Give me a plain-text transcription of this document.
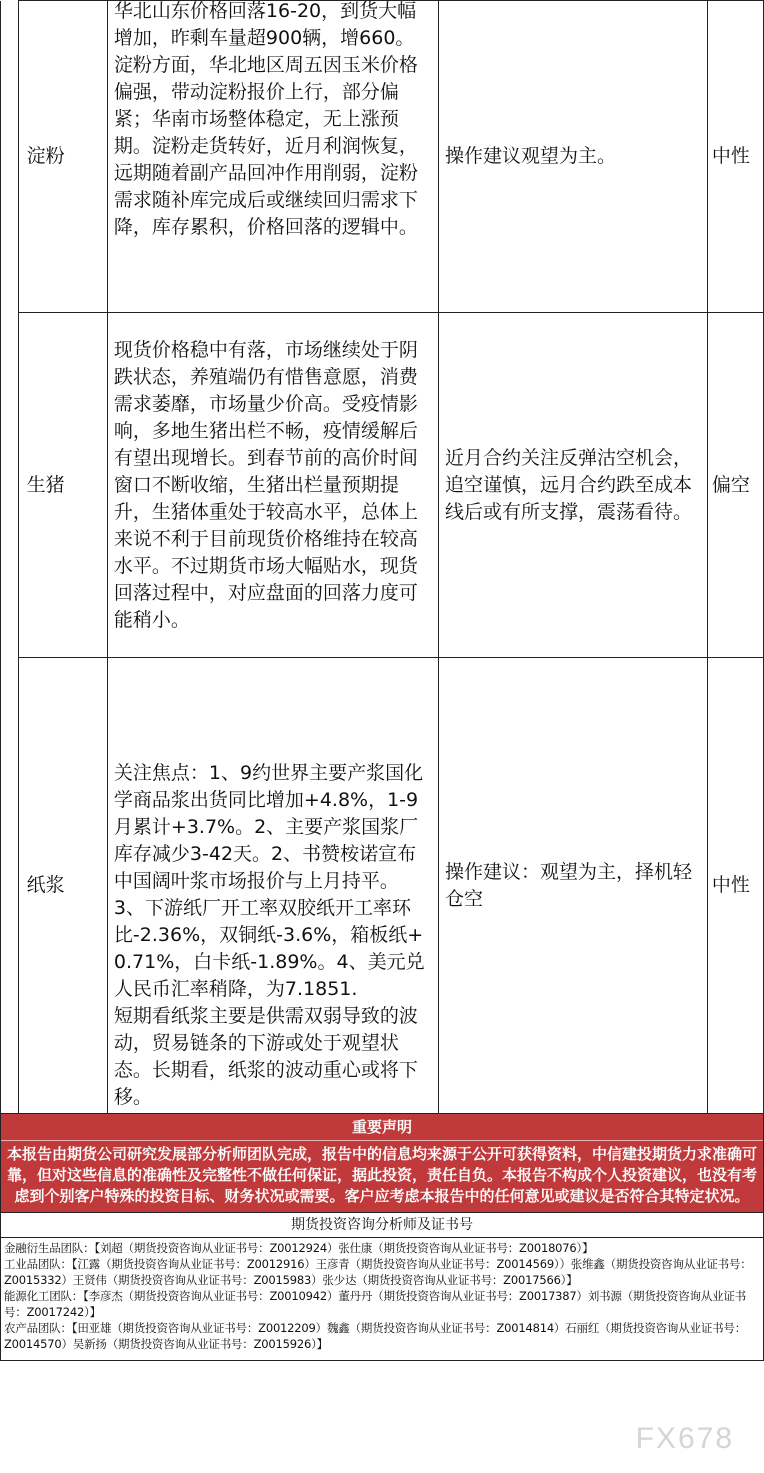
	淀粉	华北山东价格回落16-20，到货大幅增加，昨剩车量超900辆，增660。淀粉方面，华北地区周五因玉米价格偏强，带动淀粉报价上行，部分偏紧；华南市场整体稳定，无上涨预期。淀粉走货转好，近月利润恢复，远期随着副产品回冲作用削弱，淀粉需求随补库完成后或继续回归需求下降，库存累积，价格回落的逻辑中。	操作建议观望为主。	中性
	生猪	现货价格稳中有落，市场继续处于阴跌状态，养殖端仍有惜售意愿，消费需求萎靡，市场量少价高。受疫情影响，多地生猪出栏不畅，疫情缓解后有望出现增长。到春节前的高价时间窗口不断收缩，生猪出栏量预期提升，生猪体重处于较高水平，总体上来说不利于目前现货价格维持在较高水平。不过期货市场大幅贴水，现货回落过程中，对应盘面的回落力度可能稍小。	近月合约关注反弹沽空机会，追空谨慎，远月合约跌至成本线后或有所支撑，震荡看待。	偏空
	纸浆	关注焦点：1、9约世界主要产浆国化学商品浆出货同比增加+4.8%，1-9月累计+3.7%。2、主要产浆国浆厂库存减少3-42天。2、书赞桉诺宣布中国阔叶浆市场报价与上月持平。 3、下游纸厂开工率双胶纸开工率环比-2.36%，双铜纸-3.6%，箱板纸+0.71%，白卡纸-1.89%。4、美元兑人民币汇率稍降，为7.1851.
短期看纸浆主要是供需双弱导致的波动，贸易链条的下游或处于观望状态。长期看，纸浆的波动重心或将下移。	操作建议：观望为主，择机轻仓空	中性
重要声明
本报告由期货公司研究发展部分析师团队完成，报告中的信息均来源于公开可获得资料，中信建投期货力求准确可靠，但对这些信息的准确性及完整性不做任何保证，据此投资，责任自负。本报告不构成个人投资建议，也没有考虑到个别客户特殊的投资目标、财务状况或需要。客户应考虑本报告中的任何意见或建议是否符合其特定状况。
期货投资咨询分析师及证书号
金融衍生品团队：【刘超（期货投资咨询从业证书号：Z0012924）张仕康（期货投资咨询从业证书号：Z0018076）】
工业品团队：【江露（期货投资咨询从业证书号：Z0012916）王彦青（期货投资咨询从业证书号：Z0014569））张维鑫（期货投资咨询从业证书号：Z0015332）王贤伟（期货投资咨询从业证书号：Z0015983）张少达（期货投资咨询从业证书号：Z0017566）】
能源化工团队：【李彦杰（期货投资咨询从业证书号：Z0010942）董丹丹（期货投资咨询从业证书号：Z0017387）刘书源（期货投资咨询从业证书号：Z0017242）】
农产品团队：【田亚雄（期货投资咨询从业证书号：Z0012209）魏鑫（期货投资咨询从业证书号：Z0014814）石丽红（期货投资咨询从业证书号：Z0014570）吴新扬（期货投资咨询从业证书号：Z0015926）】
FX678
